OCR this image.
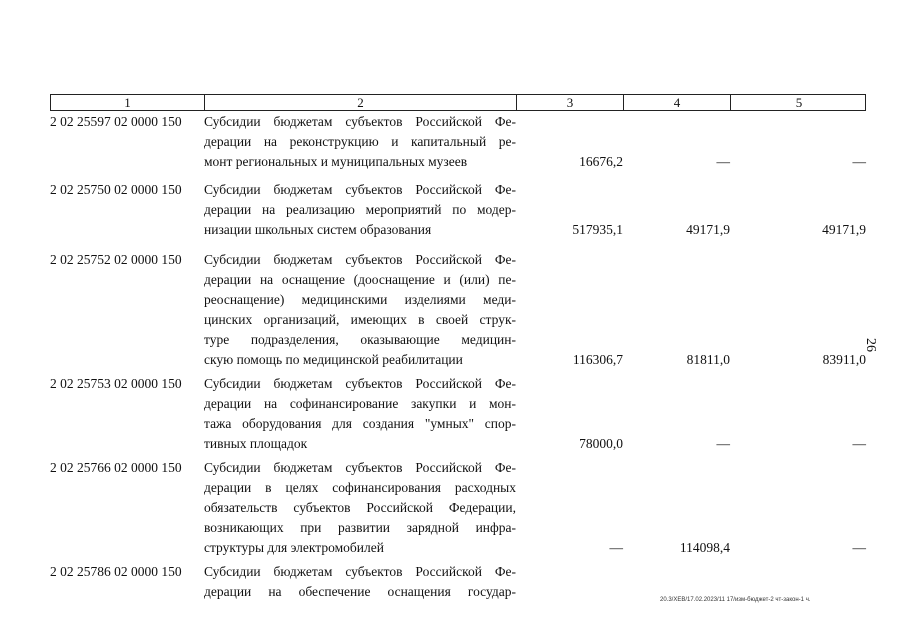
1	2	3	4	5
2 02 25597 02 0000 150 Субсидии бюджетам субъектов Российской Фе-
дерации на реконструкцию и капитальный ре-
монт региональных и муниципальных музеев	16676,2	—	—
2 02 25750 02 0000 150 Субсидии бюджетам субъектов Российской Фе-
дерации на реализацию мероприятий по модер-
низации школьных систем образования	517935,1	49171,9	49171,9
2 02 25752 02 0000 150 Субсидии бюджетам субъектов Российской Фе-
дерации на оснащение (дооснащение и (или) пе-
реоснащение) медицинскими изделиями меди-
цинских организаций, имеющих в своей струк-
туре подразделения, оказывающие медицин-
скую помощь по медицинской реабилитации	116306,7	81811,0	83911,0
2 02 25753 02 0000 150 Субсидии бюджетам субъектов Российской Фе-
дерации на софинансирование закупки и мон-
тажа оборудования для создания "умных" спор-
тивных площадок	78000,0	—	—
2 02 25766 02 0000 150 Субсидии бюджетам субъектов Российской Фе-
дерации в целях софинансирования расходных
обязательств субъектов Российской Федерации,
возникающих при развитии зарядной инфра-
структуры для электромобилей	—	114098,4	—
2 02 25786 02 0000 150 Субсидии бюджетам субъектов Российской Фе-
дерации на обеспечение оснащения государ-
26
20.3/ХЕВ/17.02.2023/11 17/изм-бюджет-2 чт-закон-1 ч.
